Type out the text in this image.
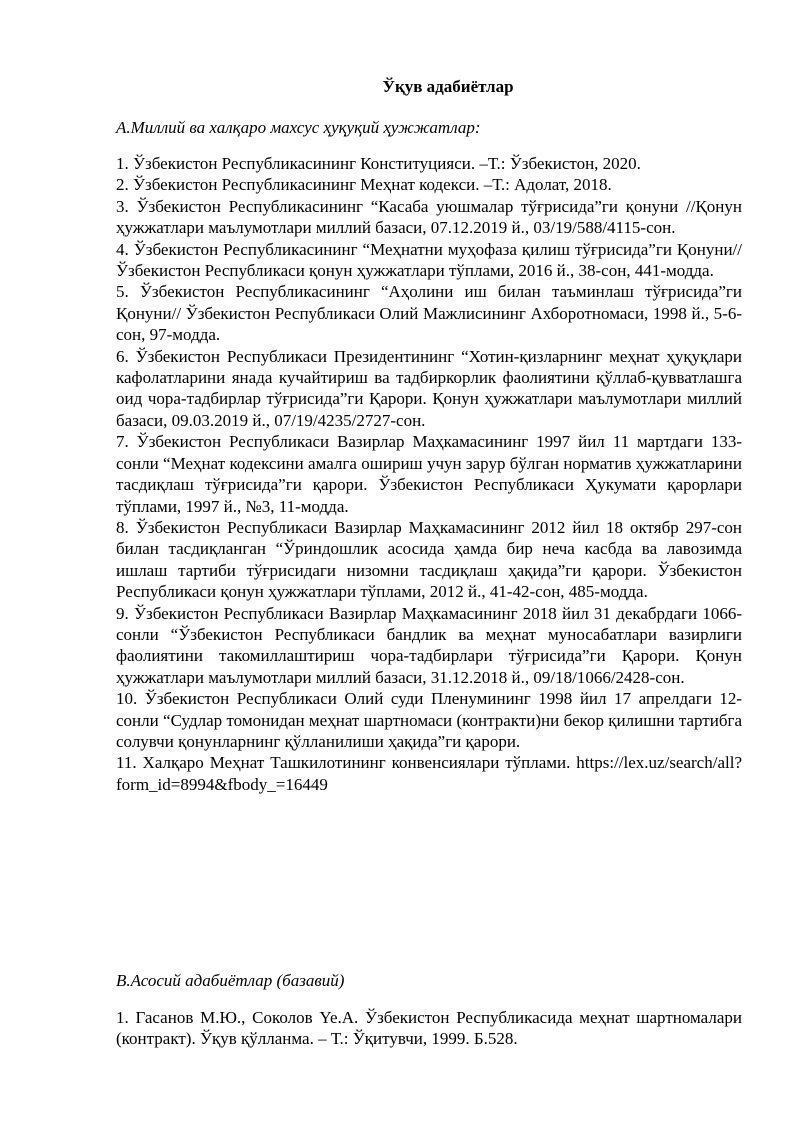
Ўқув адабиётлар
A.Миллий ва халқаро махсус ҳуқуқий ҳужжатлар:

1. Ўзбекистон Республикасининг Конституцияси. –Т.: Ўзбекистон, 2020.

2. Ўзбекистон Республикасининг Меҳнат кодекси. –Т.: Адолат, 2018.

3. Ўзбекистон Республикасининг “Касаба уюшмалар тўғрисида”ги қонуни //Қонун ҳужжатлари маълумотлари миллий базаси, 07.12.2019 й., 03/19/588/4115-сон.

4. Ўзбекистон Республикасининг “Меҳнатни муҳофаза қилиш тўғрисида”ги Қонуни//Ўзбекистон Республикаси қонун ҳужжатлари тўплами, 2016 й., 38-сон, 441-модда.

5. Ўзбекистон Республикасининг “Аҳолини иш билан таъминлаш тўғрисида”ги Қонуни// Ўзбекистон Республикаси Олий Мажлисининг Ахборотномаси, 1998 й., 5-6-сон, 97-модда.

6. Ўзбекистон Республикаси Президентининг “Хотин-қизларнинг меҳнат ҳуқуқлари кафолатларини янада кучайтириш ва тадбиркорлик фаолиятини қўллаб-қувватлашга оид чора-тадбирлар тўғрисида”ги Қарори. Қонун ҳужжатлари маълумотлари миллий базаси, 09.03.2019 й., 07/19/4235/2727-сон.

7. Ўзбекистон Республикаси Вазирлар Маҳкамасининг 1997 йил 11 мартдаги 133-сонли “Меҳнат кодексини амалга ошириш учун зарур бўлган норматив ҳужжатларини тасдиқлаш тўғрисида”ги қарори. Ўзбекистон Республикаси Ҳукумати қарорлари тўплами, 1997 й., №3, 11-модда.

8. Ўзбекистон Республикаси Вазирлар Маҳкамасининг 2012 йил 18 октябр 297-сон билан тасдиқланган “Ўриндошлик асосида ҳамда бир неча касбда ва лавозимда ишлаш тартиби тўғрисидаги низомни тасдиқлаш ҳақида”ги қарори. Ўзбекистон Республикаси қонун ҳужжатлари тўплами, 2012 й., 41-42-сон, 485-модда.

9. Ўзбекистон Республикаси Вазирлар Маҳкамасининг 2018 йил 31 декабрдаги 1066-сонли “Ўзбекистон Республикаси бандлик ва меҳнат муносабатлари вазирлиги фаолиятини такомиллаштириш чора-тадбирлари тўғрисида”ги Қарори. Қонун ҳужжатлари маълумотлари миллий базаси, 31.12.2018 й., 09/18/1066/2428-сон.

10. Ўзбекистон Республикаси Олий суди Пленумининг 1998 йил 17 апрелдаги 12-сонли “Судлар томонидан меҳнат шартномаси (контракти)ни бекор қилишни тартибга солувчи қонунларнинг қўлланилиши ҳақида”ги қарори.

11. Халқаро Меҳнат Ташкилотининг конвенсиялари тўплами. https://lex.uz/search/all?form_id=8994&fbody_=16449

B.Асосий адабиётлар (базавий)

1. Гасанов М.Ю., Соколов Ye.А. Ўзбекистон Республикасида меҳнат шартномалари (контракт). Ўқув қўлланма. – Т.: Ўқитувчи, 1999. Б.528.
